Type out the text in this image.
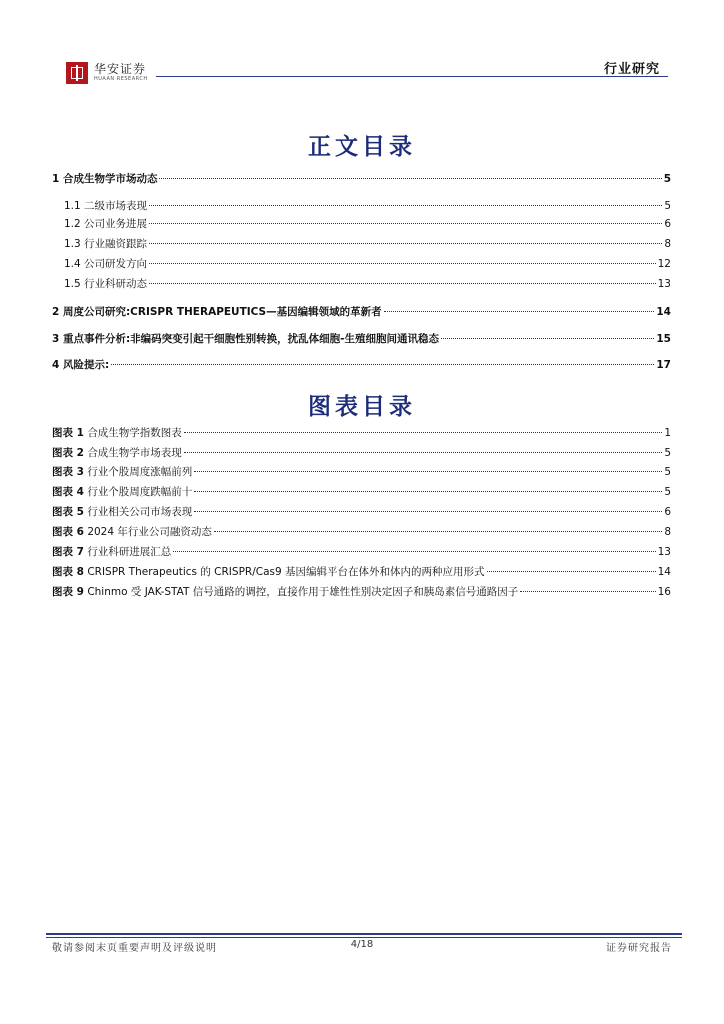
华安证券
HUAAN RESEARCH
行业研究
正文目录
1 合成生物学市场动态	5
1.1 二级市场表现	5
1.2 公司业务进展	6
1.3 行业融资跟踪	8
1.4 公司研发方向	12
1.5 行业科研动态	13
2 周度公司研究:CRISPR THERAPEUTICS—基因编辑领域的革新者	14
3 重点事件分析:非编码突变引起干细胞性别转换，扰乱体细胞-生殖细胞间通讯稳态	15
4 风险提示:	17
图表目录
图表 1 合成生物学指数图表	1
图表 2 合成生物学市场表现	5
图表 3 行业个股周度涨幅前列	5
图表 4 行业个股周度跌幅前十	5
图表 5 行业相关公司市场表现	6
图表 6 2024 年行业公司融资动态	8
图表 7 行业科研进展汇总	13
图表 8 CRISPR Therapeutics 的 CRISPR/Cas9 基因编辑平台在体外和体内的两种应用形式	14
图表 9 Chinmo 受 JAK-STAT 信号通路的调控，直接作用于雄性性别决定因子和胰岛素信号通路因子	16
敬请参阅末页重要声明及评级说明	4/18	证券研究报告
